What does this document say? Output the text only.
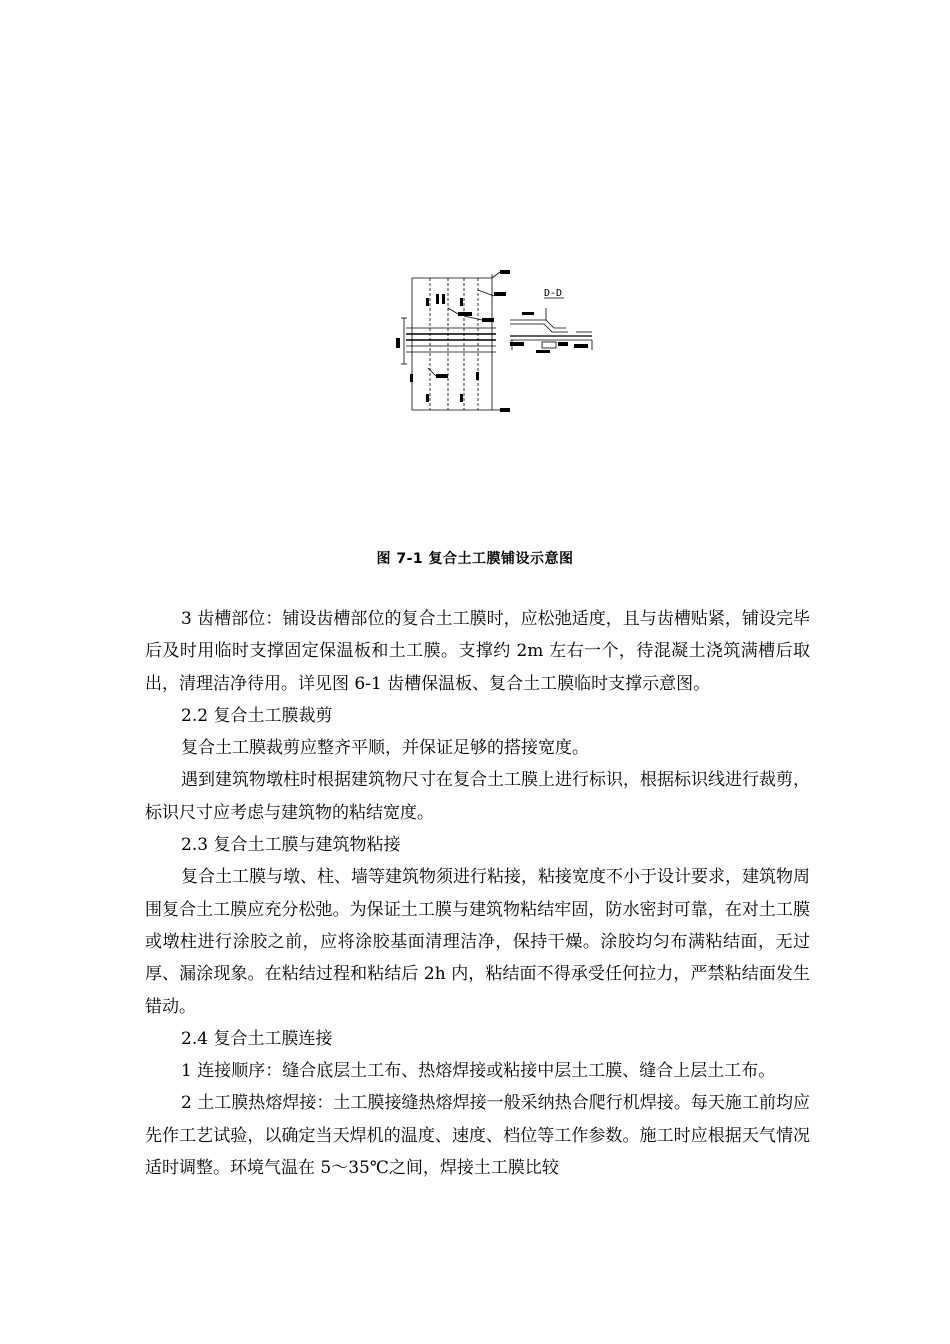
D-D
图 7-1 复合土工膜铺设示意图

3 齿槽部位：铺设齿槽部位的复合土工膜时，应松弛适度，且与齿槽贴紧，铺设完毕后及时用临时支撑固定保温板和土工膜。支撑约 2m 左右一个，待混凝土浇筑满槽后取出，清理洁净待用。详见图 6-1 齿槽保温板、复合土工膜临时支撑示意图。

2.2 复合土工膜裁剪

复合土工膜裁剪应整齐平顺，并保证足够的搭接宽度。

遇到建筑物墩柱时根据建筑物尺寸在复合土工膜上进行标识，根据标识线进行裁剪，标识尺寸应考虑与建筑物的粘结宽度。

2.3 复合土工膜与建筑物粘接

复合土工膜与墩、柱、墙等建筑物须进行粘接，粘接宽度不小于设计要求，建筑物周围复合土工膜应充分松弛。为保证土工膜与建筑物粘结牢固，防水密封可靠，在对土工膜或墩柱进行涂胶之前，应将涂胶基面清理洁净，保持干燥。涂胶均匀布满粘结面，无过厚、漏涂现象。在粘结过程和粘结后 2h 内，粘结面不得承受任何拉力，严禁粘结面发生错动。

2.4 复合土工膜连接

1 连接顺序：缝合底层土工布、热熔焊接或粘接中层土工膜、缝合上层土工布。

2 土工膜热熔焊接：土工膜接缝热熔焊接一般采纳热合爬行机焊接。每天施工前均应先作工艺试验，以确定当天焊机的温度、速度、档位等工作参数。施工时应根据天气情况适时调整。环境气温在 5～35℃之间，焊接土工膜比较
